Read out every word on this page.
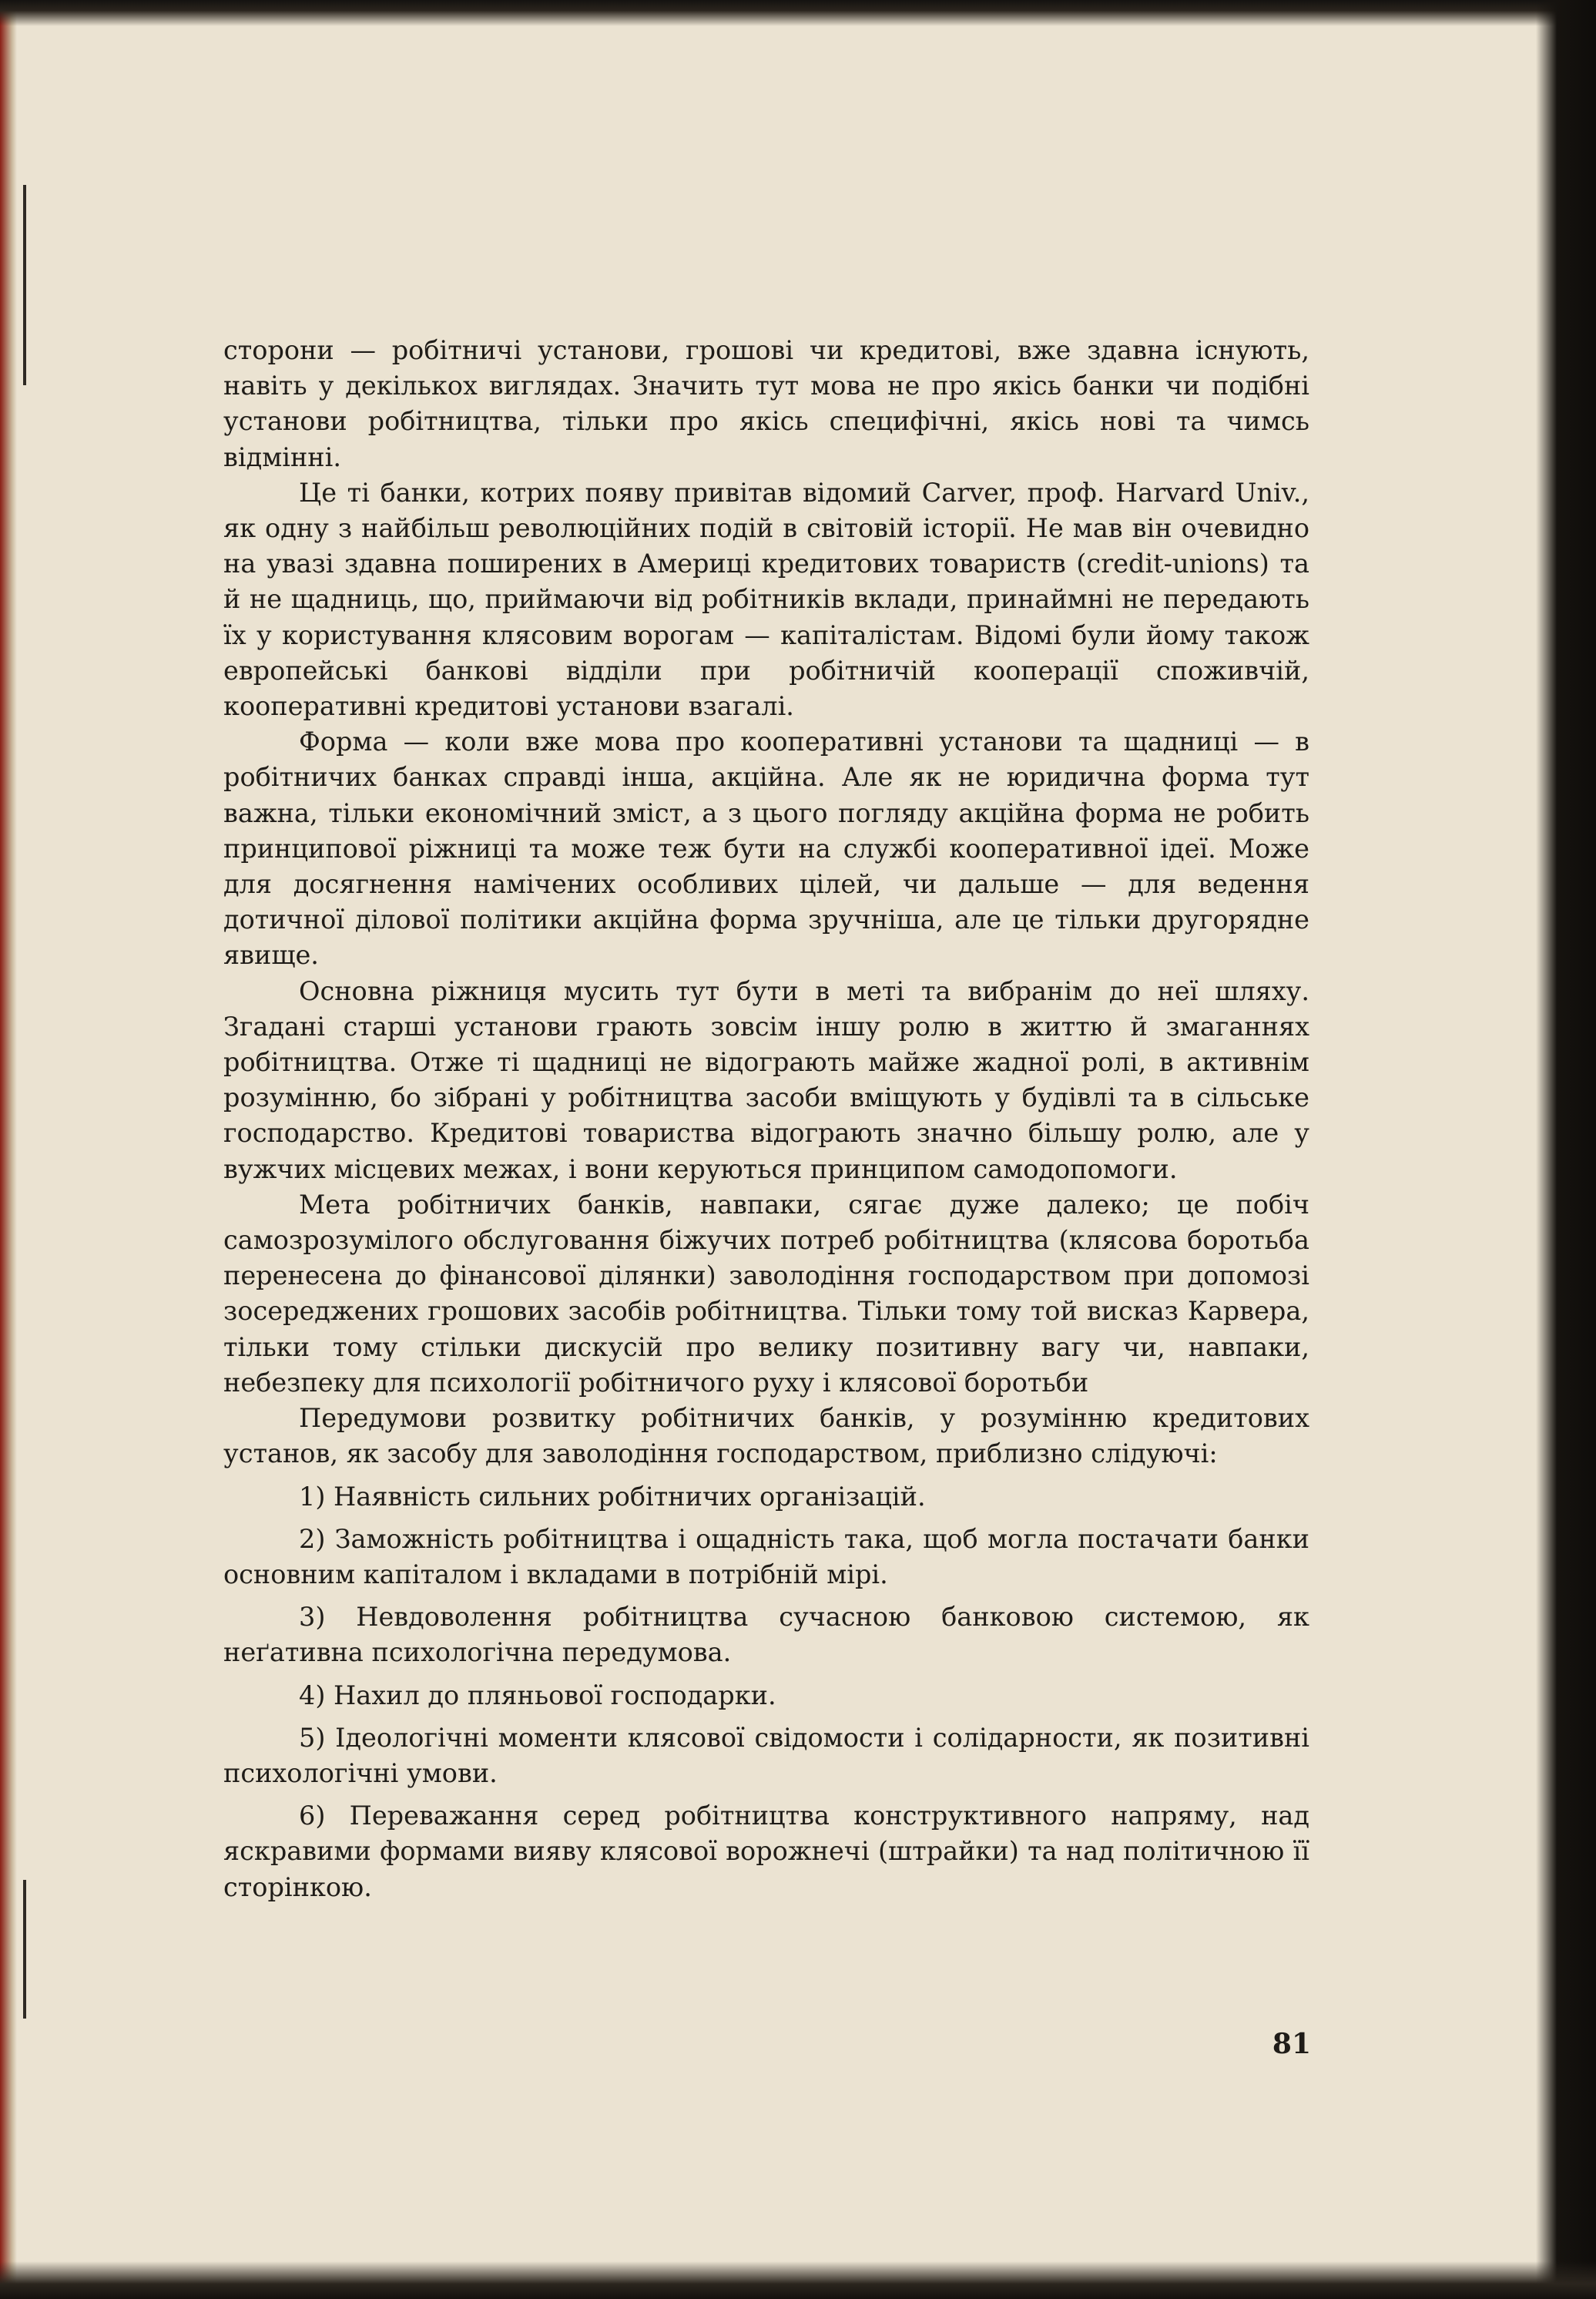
сторони — робітничі установи, грошові чи кредитові, вже здавна існують, навіть у декількох виглядах. Значить тут мова не про якісь банки чи подібні установи робітництва, тільки про якісь специфічні, якісь нові та чимсь відмінні.

Це ті банки, котрих появу привітав відомий Carver, проф. Harvard Univ., як одну з найбільш революційних подій в світовій історії. Не мав він очевидно на увазі здавна поширених в Америці кредитових товариств (credit-unions) та й не щадниць, що, приймаючи від робітників вклади, принаймні не передають їх у користування клясовим ворогам — капіталістам. Відомі були йому також европейські банкові відділи при робітничій кооперації споживчій, кооперативні кредитові установи взагалі.

Форма — коли вже мова про кооперативні установи та щадниці — в робітничих банках справді інша, акційна. Але як не юридична форма тут важна, тільки економічний зміст, а з цього погляду акційна форма не робить принципової ріжниці та може теж бути на службі кооперативної ідеї. Може для досягнення намічених особливих цілей, чи дальше — для ведення дотичної ділової політики акційна форма зручніша, але це тільки другорядне явище.

Основна ріжниця мусить тут бути в меті та вибранім до неї шляху. Згадані старші установи грають зовсім іншу ролю в життю й змаганнях робітництва. Отже ті щадниці не відограють майже жадної ролі, в активнім розумінню, бо зібрані у робітництва засоби вміщують у будівлі та в сільське господарство. Кредитові товариства відограють значно більшу ролю, але у вужчих місцевих межах, і вони керуються принципом самодопомоги.

Мета робітничих банків, навпаки, сягає дуже далеко; це побіч самозрозумілого обслуговання біжучих потреб робітництва (клясова боротьба перенесена до фінансової ділянки) заволодіння господарством при допомозі зосереджених грошових засобів робітництва. Тільки тому той висказ Карвера, тільки тому стільки дискусій про велику позитивну вагу чи, навпаки, небезпеку для психології робітничого руху і клясової боротьби

Передумови розвитку робітничих банків, у розумінню кредитових установ, як засобу для заволодіння господарством, приблизно слідуючі:

1) Наявність сильних робітничих організацій.

2) Заможність робітництва і ощадність така, щоб могла постачати банки основним капіталом і вкладами в потрібній мірі.

3) Невдоволення робітництва сучасною банковою системою, як неґативна психологічна передумова.

4) Нахил до пляньової господарки.

5) Ідеологічні моменти клясової свідомости і солідарности, як позитивні психологічні умови.

6) Переважання серед робітництва конструктивного напряму, над яскравими формами вияву клясової ворожнечі (штрайки) та над політичною її сторінкою.

81
